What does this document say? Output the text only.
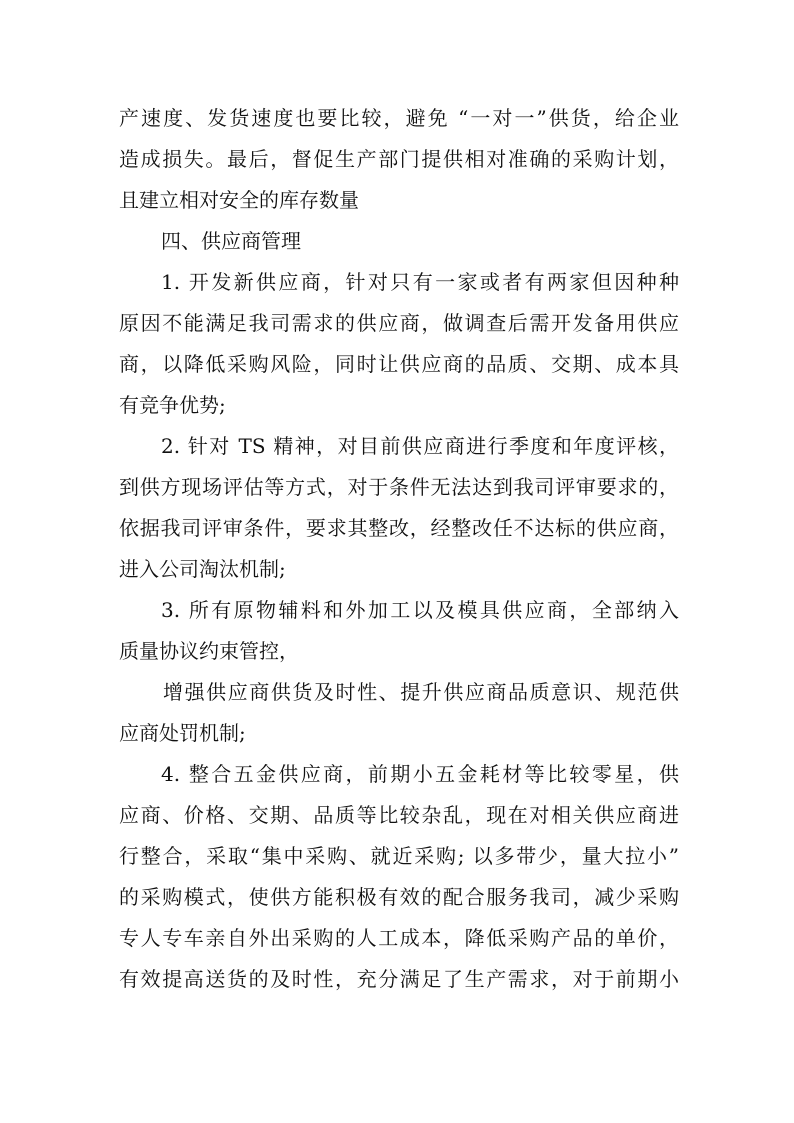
产速度、发货速度也要比较，避免 “一对一”供货，给企业
造成损失。最后，督促生产部门提供相对准确的采购计划，
且建立相对安全的库存数量
四、供应商管理
1. 开发新供应商，针对只有一家或者有两家但因种种
原因不能满足我司需求的供应商，做调查后需开发备用供应
商，以降低采购风险，同时让供应商的品质、交期、成本具
有竞争优势;
2. 针对 TS 精神，对目前供应商进行季度和年度评核，
到供方现场评估等方式，对于条件无法达到我司评审要求的，
依据我司评审条件，要求其整改，经整改任不达标的供应商，
进入公司淘汰机制;
3. 所有原物辅料和外加工以及模具供应商，全部纳入
质量协议约束管控，
增强供应商供货及时性、提升供应商品质意识、规范供
应商处罚机制;
4. 整合五金供应商，前期小五金耗材等比较零星，供
应商、价格、交期、品质等比较杂乱，现在对相关供应商进
行整合，采取“集中采购、就近采购; 以多带少，量大拉小”
的采购模式，使供方能积极有效的配合服务我司，减少采购
专人专车亲自外出采购的人工成本，降低采购产品的单价，
有效提高送货的及时性，充分满足了生产需求，对于前期小
